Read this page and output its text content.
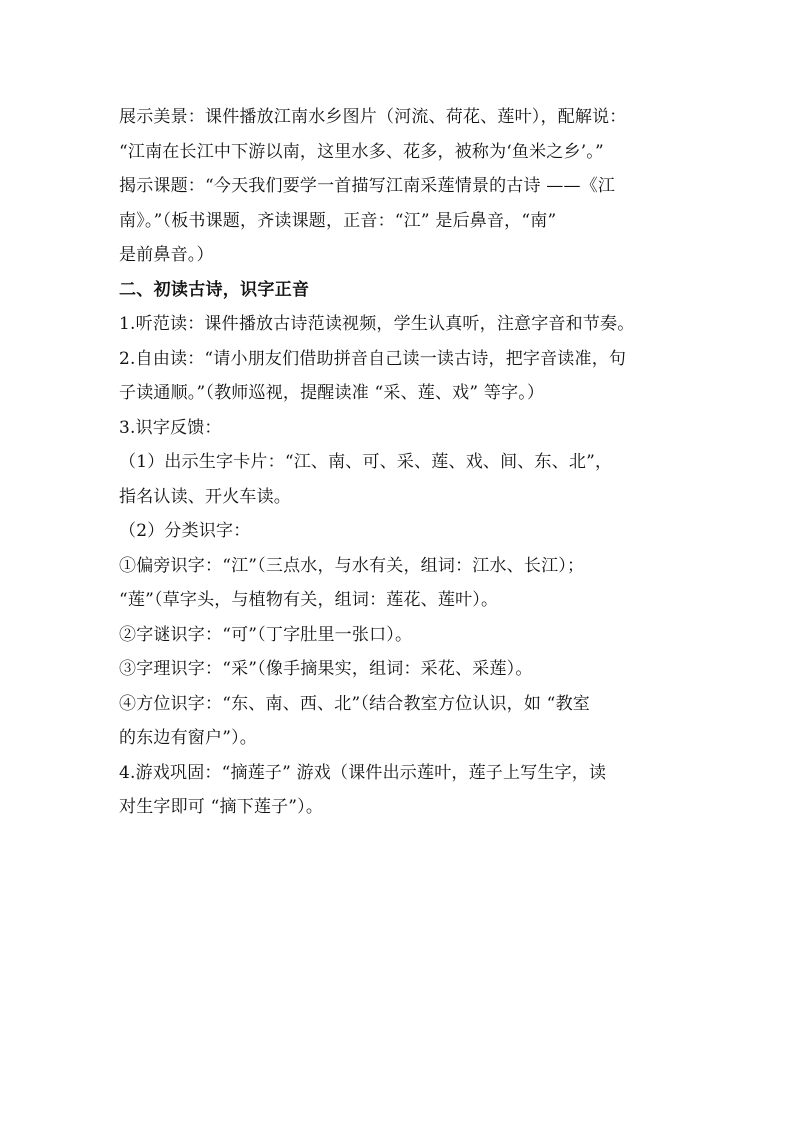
展示美景：课件播放江南水乡图片（河流、荷花、莲叶），配解说：
“江南在长江中下游以南，这里水多、花多，被称为‘鱼米之乡’。”
揭示课题：“今天我们要学一首描写江南采莲情景的古诗 ——《江
南》。”（板书课题，齐读课题，正音：“江” 是后鼻音，“南”
是前鼻音。）
二、初读古诗，识字正音
1.听范读：课件播放古诗范读视频，学生认真听，注意字音和节奏。
2.自由读：“请小朋友们借助拼音自己读一读古诗，把字音读准，句
子读通顺。”（教师巡视，提醒读准 “采、莲、戏” 等字。）
3.识字反馈：
（1）出示生字卡片：“江、南、可、采、莲、戏、间、东、北”，
指名认读、开火车读。
（2）分类识字：
①偏旁识字：“江”（三点水，与水有关，组词：江水、长江）；
“莲”（草字头，与植物有关，组词：莲花、莲叶）。
②字谜识字：“可”（丁字肚里一张口）。
③字理识字：“采”（像手摘果实，组词：采花、采莲）。
④方位识字：“东、南、西、北”（结合教室方位认识，如 “教室
的东边有窗户”）。
4.游戏巩固：“摘莲子” 游戏（课件出示莲叶，莲子上写生字，读
对生字即可 “摘下莲子”）。
